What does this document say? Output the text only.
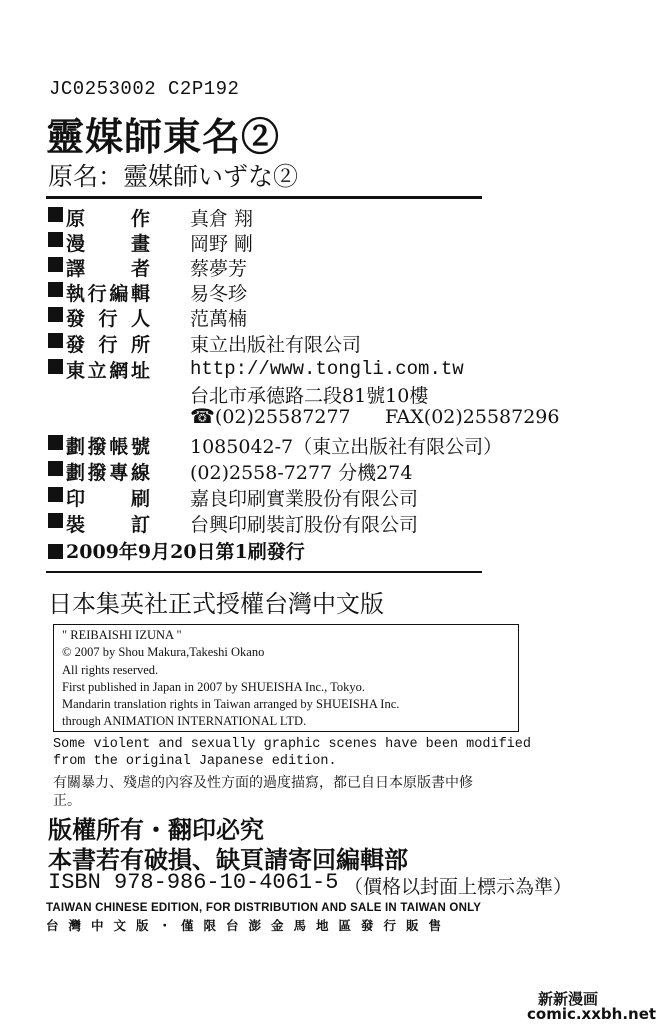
JC0253002 C2P192
靈媒師東名②
原名：靈媒師いずな②
原　作 真倉 翔
漫　畫 岡野 剛
譯　者 蔡夢芳
執行編輯 易冬珍
發行人 范萬楠
發行所 東立出版社有限公司
東立網址 http://www.tongli.com.tw
台北市承德路二段81號10樓
☎(02)25587277 FAX(02)25587296
劃撥帳號 1085042-7（東立出版社有限公司）
劃撥專線 (02)2558-7277 分機274
印　刷 嘉良印刷實業股份有限公司
裝　訂 台興印刷裝訂股份有限公司
2009年9月20日第1刷發行
日本集英社正式授權台灣中文版
" REIBAISHI IZUNA "
© 2007 by Shou Makura,Takeshi Okano
All rights reserved.
First published in Japan in 2007 by SHUEISHA Inc., Tokyo.
Mandarin translation rights in Taiwan arranged by SHUEISHA Inc.
through ANIMATION INTERNATIONAL LTD.
Some violent and sexually graphic scenes have been modified
from the original Japanese edition.
有關暴力、殘虐的內容及性方面的過度描寫，都已自日本原版書中修
正。
版權所有・翻印必究
本書若有破損、缺頁請寄回編輯部
ISBN 978-986-10-4061-5 （價格以封面上標示為準）
TAIWAN CHINESE EDITION, FOR DISTRIBUTION AND SALE IN TAIWAN ONLY
台灣中文版・僅限台澎金馬地區發行販售
新新漫画
comic.xxbh.net
